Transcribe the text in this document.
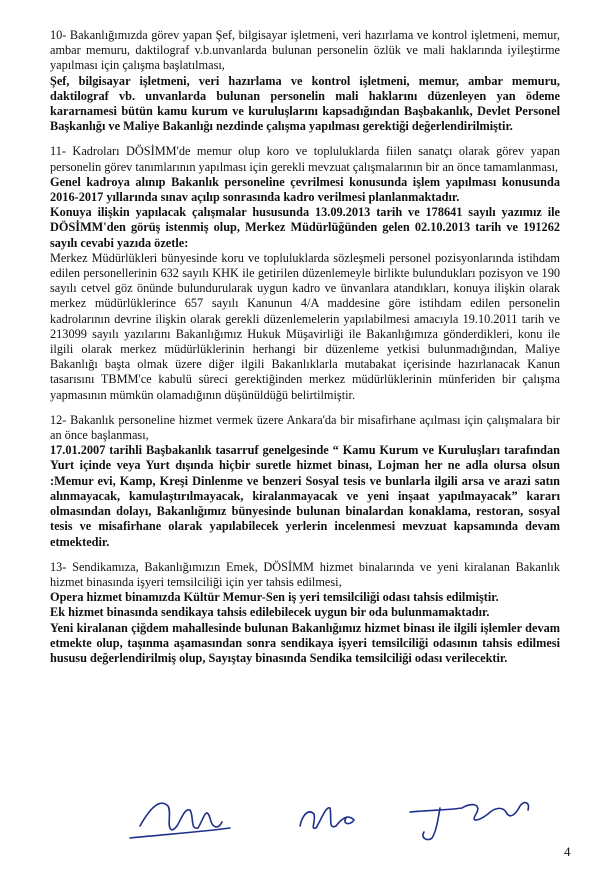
10- Bakanlığımızda görev yapan Şef, bilgisayar işletmeni, veri hazırlama ve kontrol işletmeni, memur, ambar memuru, daktilograf v.b.unvanlarda bulunan personelin özlük ve mali haklarında iyileştirme yapılması için çalışma başlatılması,

Şef, bilgisayar işletmeni, veri hazırlama ve kontrol işletmeni, memur, ambar memuru, daktilograf vb. unvanlarda bulunan personelin mali haklarını düzenleyen yan ödeme kararnamesi bütün kamu kurum ve kuruluşlarını kapsadığından Başbakanlık, Devlet Personel Başkanlığı ve Maliye Bakanlığı nezdinde çalışma yapılması gerektiği değerlendirilmiştir.

11- Kadroları DÖSİMM'de memur olup koro ve topluluklarda fiilen sanatçı olarak görev yapan personelin görev tanımlarının yapılması için gerekli mevzuat çalışmalarının bir an önce tamamlanması,

Genel kadroya alınıp Bakanlık personeline çevrilmesi konusunda işlem yapılması konusunda 2016-2017 yıllarında sınav açılıp sonrasında kadro verilmesi planlanmaktadır.

Konuya ilişkin yapılacak çalışmalar hususunda 13.09.2013 tarih ve 178641 sayılı yazımız ile DÖSİMM'den görüş istenmiş olup, Merkez Müdürlüğünden gelen 02.10.2013 tarih ve 191262 sayılı cevabi yazıda özetle:

Merkez Müdürlükleri bünyesinde koru ve topluluklarda sözleşmeli personel pozisyonlarında istihdam edilen personellerinin 632 sayılı KHK ile getirilen düzenlemeyle birlikte bulundukları pozisyon ve 190 sayılı cetvel göz önünde bulundurularak uygun kadro ve ünvanlara atandıkları, konuya ilişkin olarak merkez müdürlüklerince 657 sayılı Kanunun 4/A maddesine göre istihdam edilen personelin kadrolarının devrine ilişkin olarak gerekli düzenlemelerin yapılabilmesi amacıyla 19.10.2011 tarih ve 213099 sayılı yazılarını Bakanlığımız Hukuk Müşavirliği ile Bakanlığımıza gönderdikleri, konu ile ilgili olarak merkez müdürlüklerinin herhangi bir düzenleme yetkisi bulunmadığından, Maliye Bakanlığı başta olmak üzere diğer ilgili Bakanlıklarla mutabakat içerisinde hazırlanacak Kanun tasarısını TBMM'ce kabulü süreci gerektiğinden merkez müdürlüklerinin münferiden bir çalışma yapmasının mümkün olamadığının düşünüldüğü belirtilmiştir.

12- Bakanlık personeline hizmet vermek üzere Ankara'da bir misafirhane açılması için çalışmalara bir an önce başlanması,

17.01.2007 tarihli Başbakanlık tasarruf genelgesinde “ Kamu Kurum ve Kuruluşları tarafından Yurt içinde veya Yurt dışında hiçbir suretle hizmet binası, Lojman her ne adla olursa olsun :Memur evi, Kamp, Kreşi Dinlenme ve benzeri Sosyal tesis ve bunlarla ilgili arsa ve arazi satın alınmayacak, kamulaştırılmayacak, kiralanmayacak ve yeni inşaat yapılmayacak” kararı olmasından dolayı, Bakanlığımız bünyesinde bulunan binalardan konaklama, restoran, sosyal tesis ve misafirhane olarak yapılabilecek yerlerin incelenmesi mevzuat kapsamında devam etmektedir.

13- Sendikamıza, Bakanlığımızın Emek, DÖSİMM hizmet binalarında ve yeni kiralanan Bakanlık hizmet binasında işyeri temsilciliği için yer tahsis edilmesi,

Opera hizmet binamızda Kültür Memur-Sen iş yeri temsilciliği odası tahsis edilmiştir.

Ek hizmet binasında sendikaya tahsis edilebilecek uygun bir oda bulunmamaktadır.

Yeni kiralanan çiğdem mahallesinde bulunan Bakanlığımız hizmet binası ile ilgili işlemler devam etmekte olup, taşınma aşamasından sonra sendikaya işyeri temsilciliği odasının tahsis edilmesi hususu değerlendirilmiş olup, Sayıştay binasında Sendika temsilciliği odası verilecektir.

4
